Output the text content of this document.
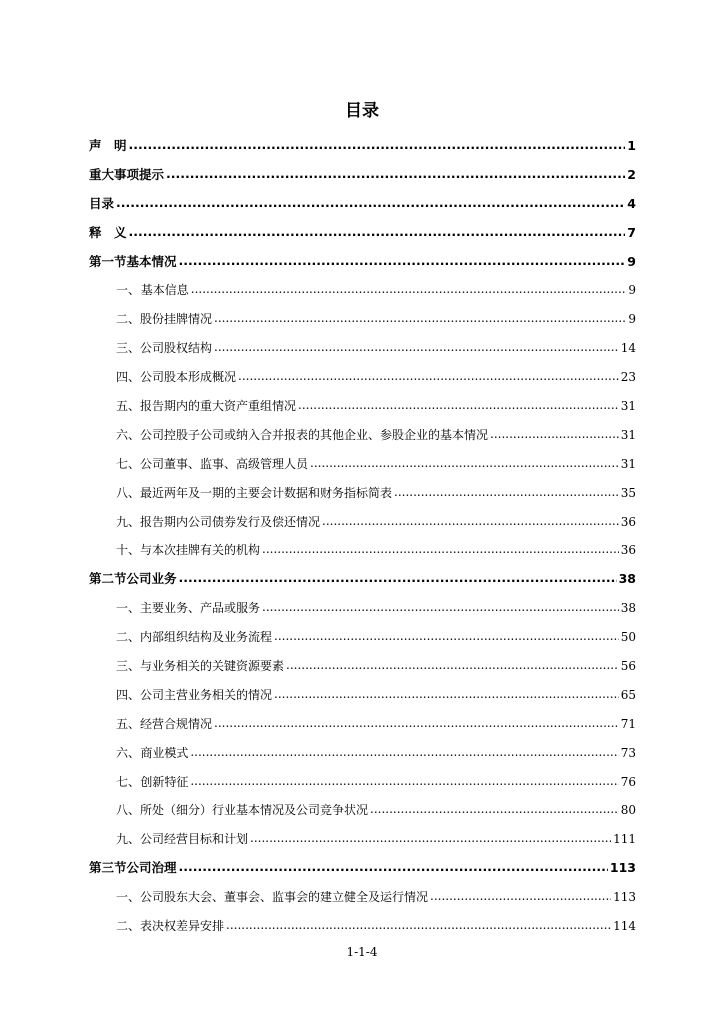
目录
声　明 .....	1
重大事项提示 .....	2
目录 .....	4
释　义 .....	7
第一节 基本情况 .....	9
一、 基本信息 .....	9
二、 股份挂牌情况 .....	9
三、 公司股权结构 .....	14
四、 公司股本形成概况 .....	23
五、 报告期内的重大资产重组情况 .....	31
六、 公司控股子公司或纳入合并报表的其他企业、参股企业的基本情况 .....	31
七、 公司董事、监事、高级管理人员 .....	31
八、 最近两年及一期的主要会计数据和财务指标简表 .....	35
九、 报告期内公司债券发行及偿还情况 .....	36
十、 与本次挂牌有关的机构 .....	36
第二节 公司业务 .....	38
一、 主要业务、产品或服务 .....	38
二、 内部组织结构及业务流程 .....	50
三、 与业务相关的关键资源要素 .....	56
四、 公司主营业务相关的情况 .....	65
五、 经营合规情况 .....	71
六、 商业模式 .....	73
七、 创新特征 .....	76
八、 所处（细分）行业基本情况及公司竞争状况 .....	80
九、 公司经营目标和计划 .....	111
第三节 公司治理 .....	113
一、 公司股东大会、董事会、监事会的建立健全及运行情况 .....	113
二、 表决权差异安排 .....	114
1-1-4
